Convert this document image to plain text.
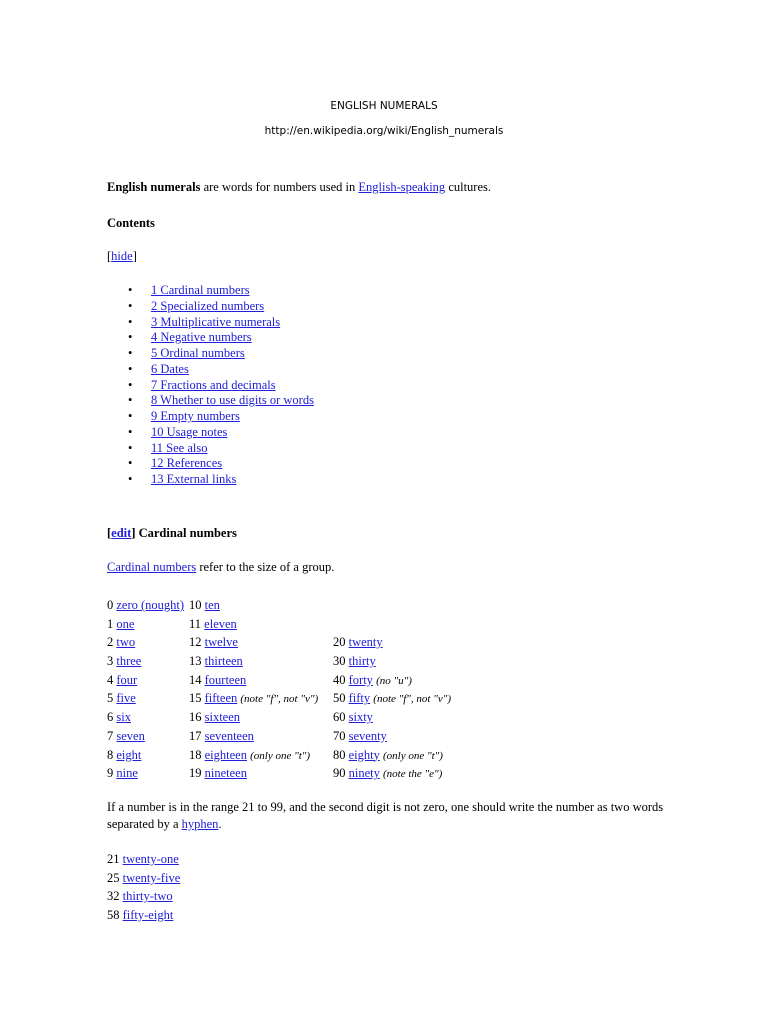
ENGLISH NUMERALS
http://en.wikipedia.org/wiki/English_numerals
English numerals are words for numbers used in English-speaking cultures.
Contents
[hide]
• 1 Cardinal numbers
• 2 Specialized numbers
• 3 Multiplicative numerals
• 4 Negative numbers
• 5 Ordinal numbers
• 6 Dates
• 7 Fractions and decimals
• 8 Whether to use digits or words
• 9 Empty numbers
• 10 Usage notes
• 11 See also
• 12 References
• 13 External links
[edit] Cardinal numbers
Cardinal numbers refer to the size of a group.
0 zero (nought) 10 ten
1 one	11 eleven
2 two	12 twelve	20 twenty
3 three	13 thirteen	30 thirty
4 four	14 fourteen	40 forty (no "u")
5 five	15 fifteen (note "f", not "v") 50 fifty (note "f", not "v")
6 six	16 sixteen	60 sixty
7 seven	17 seventeen	70 seventy
8 eight	18 eighteen (only one "t") 80 eighty (only one "t")
9 nine	19 nineteen	90 ninety (note the "e")
If a number is in the range 21 to 99, and the second digit is not zero, one should write the number as two words
separated by a hyphen.
21 twenty-one
25 twenty-five
32 thirty-two
58 fifty-eight
